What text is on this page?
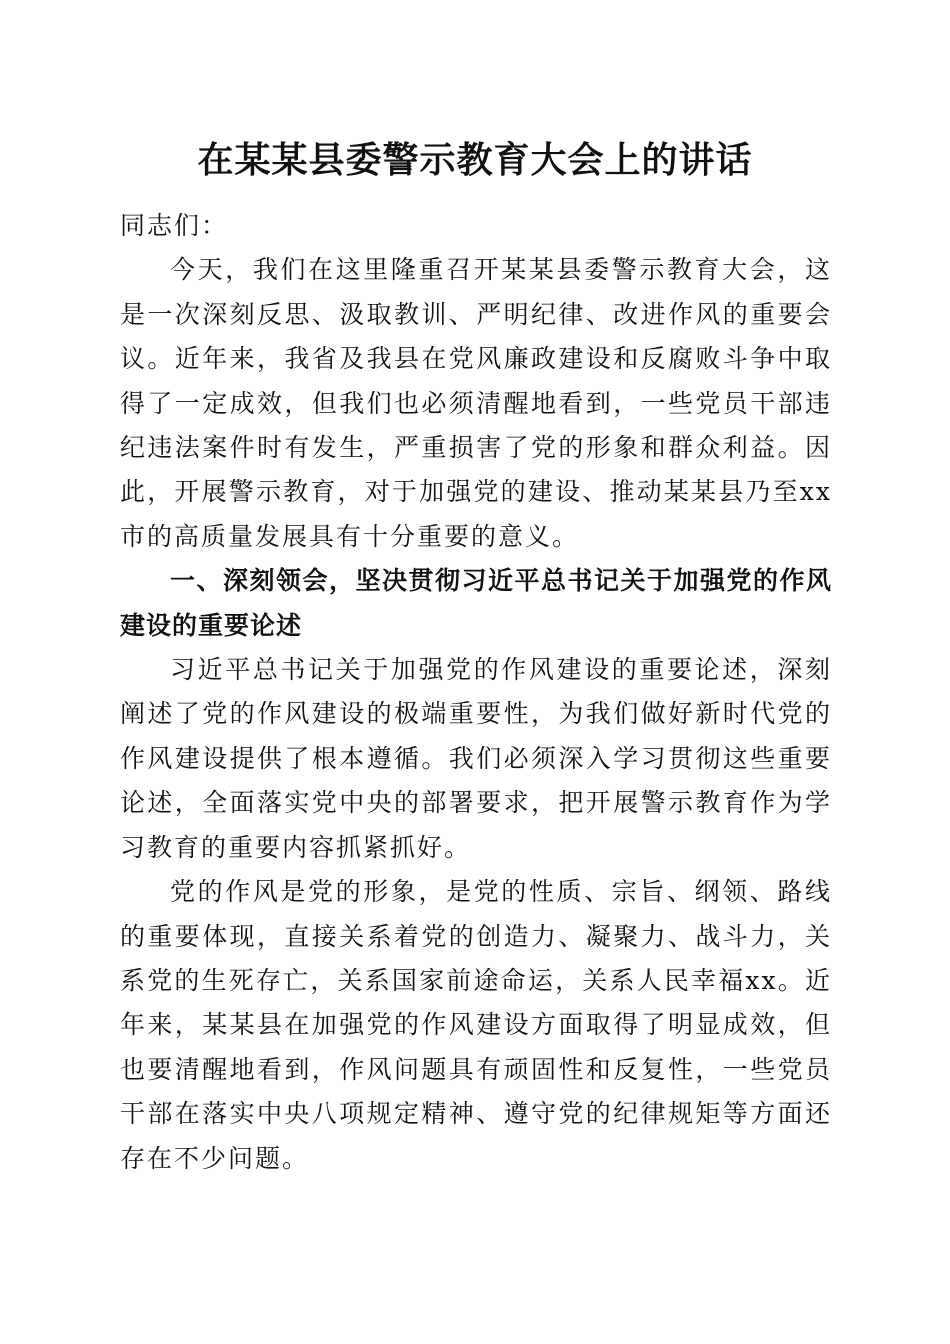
在某某县委警示教育大会上的讲话

同志们：

今天，我们在这里隆重召开某某县委警示教育大会，这是一次深刻反思、汲取教训、严明纪律、改进作风的重要会议。近年来，我省及我县在党风廉政建设和反腐败斗争中取得了一定成效，但我们也必须清醒地看到，一些党员干部违纪违法案件时有发生，严重损害了党的形象和群众利益。因此，开展警示教育，对于加强党的建设、推动某某县乃至xx市的高质量发展具有十分重要的意义。

一、深刻领会，坚决贯彻习近平总书记关于加强党的作风建设的重要论述

习近平总书记关于加强党的作风建设的重要论述，深刻阐述了党的作风建设的极端重要性，为我们做好新时代党的作风建设提供了根本遵循。我们必须深入学习贯彻这些重要论述，全面落实党中央的部署要求，把开展警示教育作为学习教育的重要内容抓紧抓好。

党的作风是党的形象，是党的性质、宗旨、纲领、路线的重要体现，直接关系着党的创造力、凝聚力、战斗力，关系党的生死存亡，关系国家前途命运，关系人民幸福xx。近年来，某某县在加强党的作风建设方面取得了明显成效，但也要清醒地看到，作风问题具有顽固性和反复性，一些党员干部在落实中央八项规定精神、遵守党的纪律规矩等方面还存在不少问题。
